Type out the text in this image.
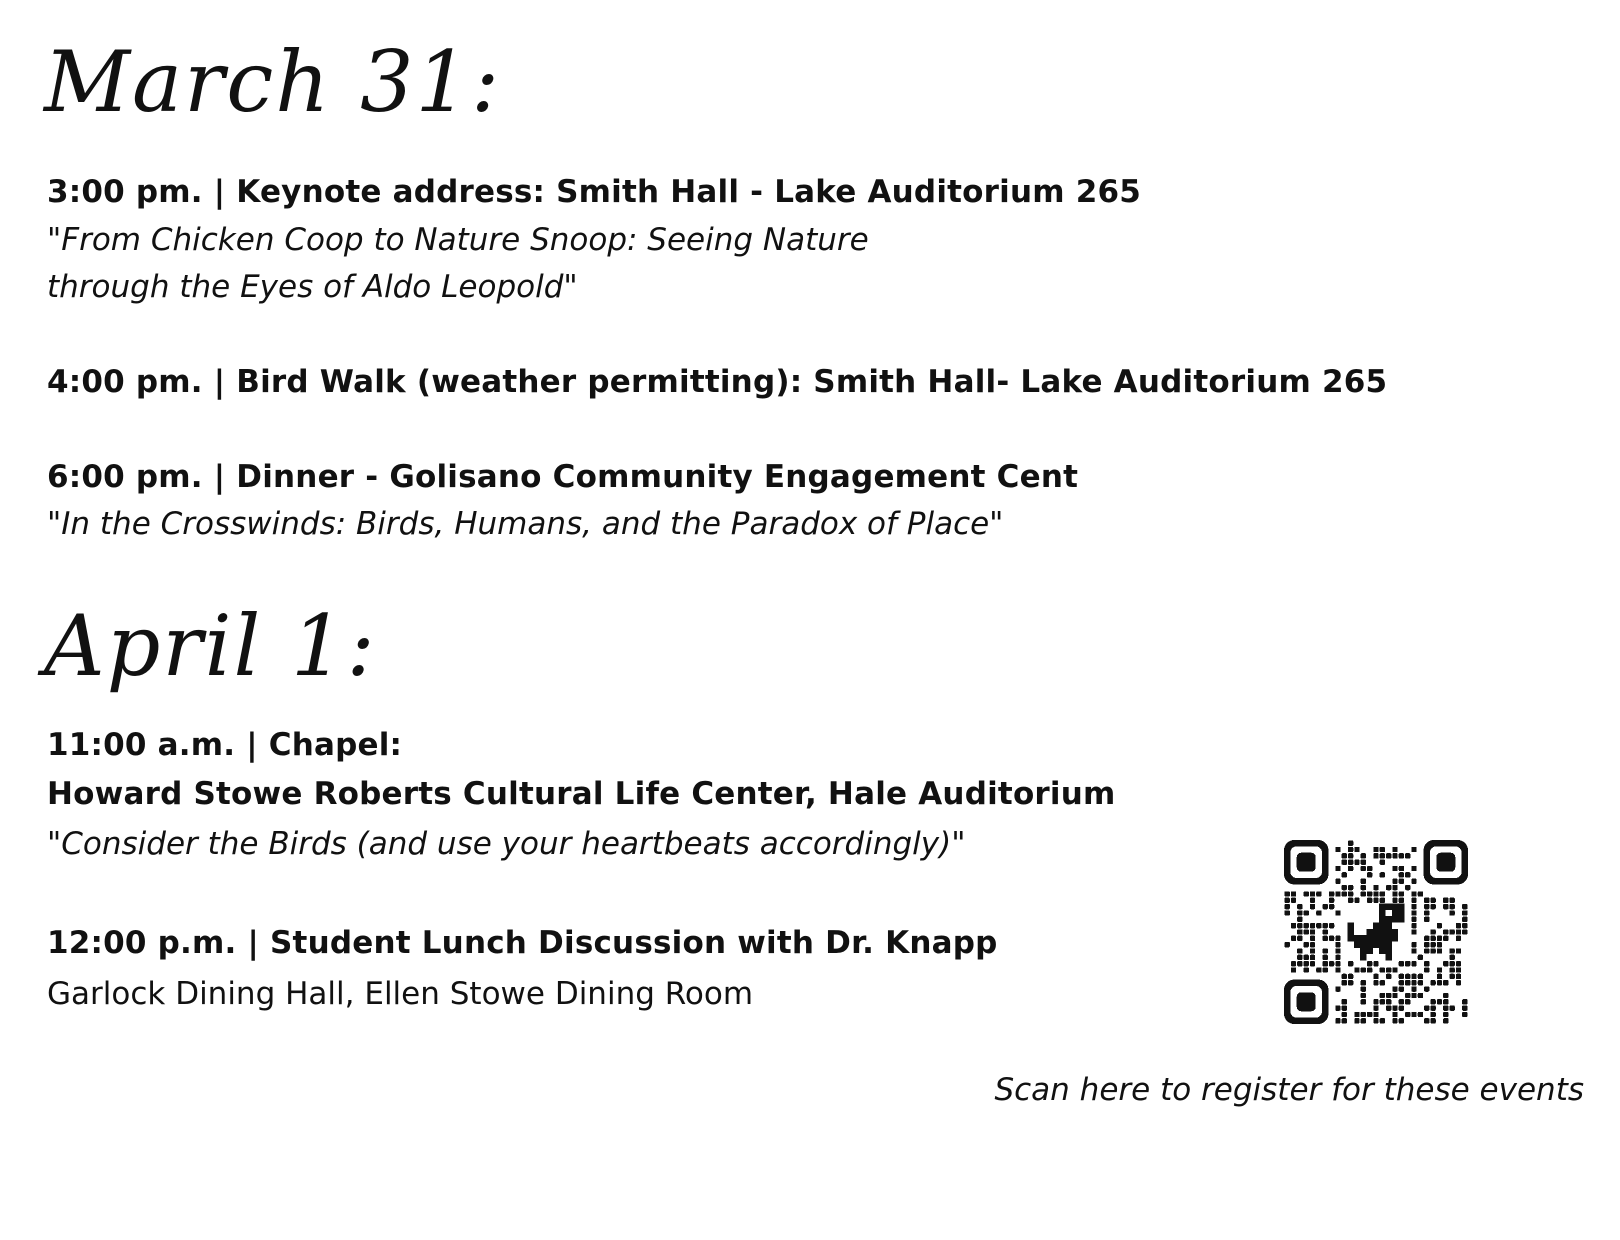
March 31:

3:00 pm. | Keynote address: Smith Hall - Lake Auditorium 265

"From Chicken Coop to Nature Snoop: Seeing Nature

through the Eyes of Aldo Leopold"

4:00 pm. | Bird Walk (weather permitting): Smith Hall- Lake Auditorium 265

6:00 pm. | Dinner - Golisano Community Engagement Cent

"In the Crosswinds: Birds, Humans, and the Paradox of Place"

April 1:

11:00 a.m. | Chapel:

Howard Stowe Roberts Cultural Life Center, Hale Auditorium

"Consider the Birds (and use your heartbeats accordingly)"

12:00 p.m. | Student Lunch Discussion with Dr. Knapp

Garlock Dining Hall, Ellen Stowe Dining Room

Scan here to register for these events
